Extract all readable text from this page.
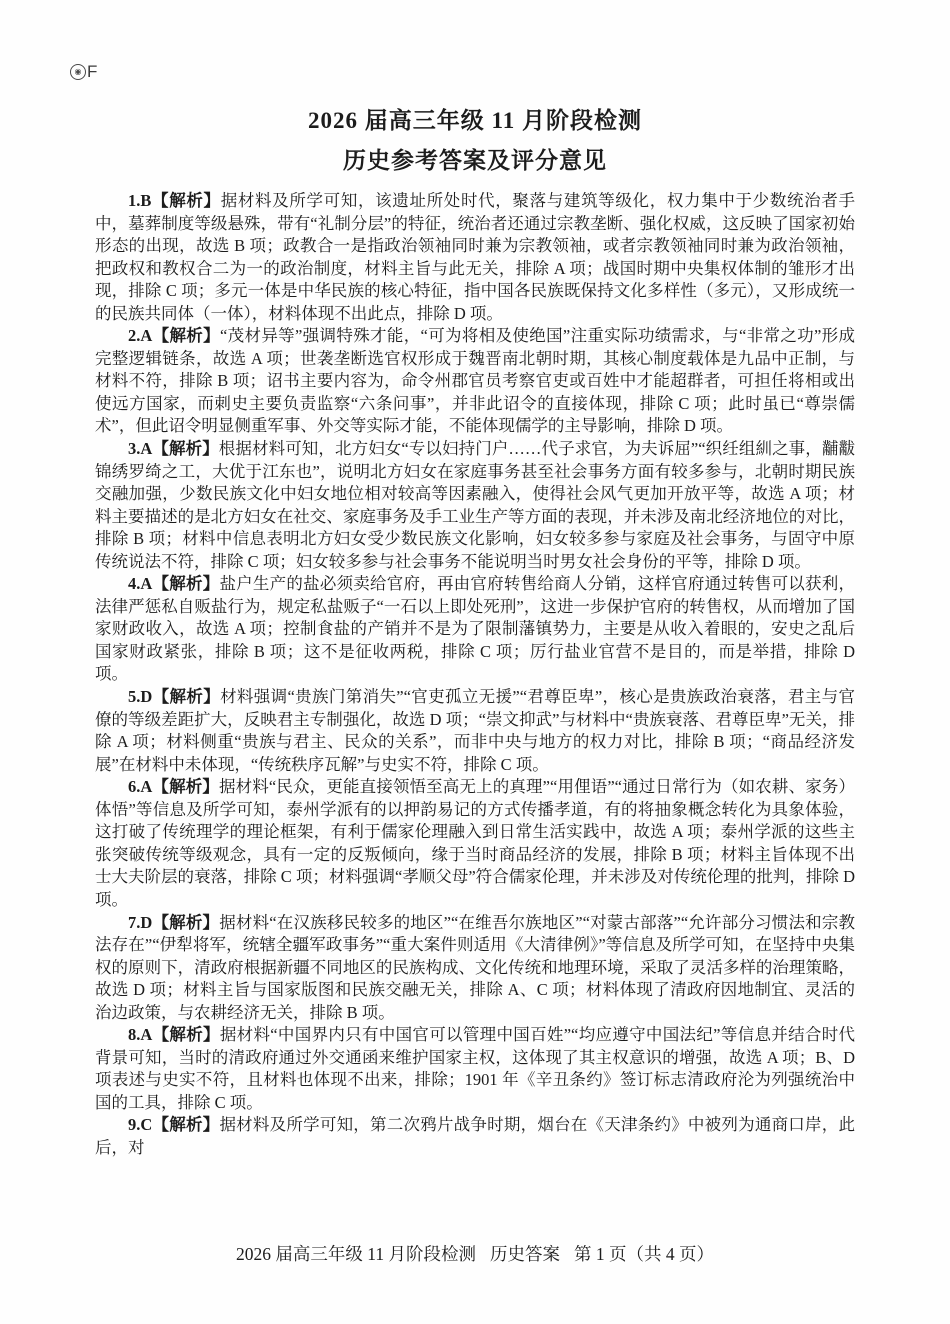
◉ F
2026 届高三年级 11 月阶段检测
历史参考答案及评分意见

1.B【解析】据材料及所学可知，该遗址所处时代，聚落与建筑等级化，权力集中于少数统治者手中，墓葬制度等级悬殊，带有“礼制分层”的特征，统治者还通过宗教垄断、强化权威，这反映了国家初始形态的出现，故选 B 项；政教合一是指政治领袖同时兼为宗教领袖，或者宗教领袖同时兼为政治领袖，把政权和教权合二为一的政治制度，材料主旨与此无关，排除 A 项；战国时期中央集权体制的雏形才出现，排除 C 项；多元一体是中华民族的核心特征，指中国各民族既保持文化多样性（多元），又形成统一的民族共同体（一体），材料体现不出此点，排除 D 项。

2.A【解析】“茂材异等”强调特殊才能，“可为将相及使绝国”注重实际功绩需求，与“非常之功”形成完整逻辑链条，故选 A 项；世袭垄断选官权形成于魏晋南北朝时期，其核心制度载体是九品中正制，与材料不符，排除 B 项；诏书主要内容为，命令州郡官员考察官吏或百姓中才能超群者，可担任将相或出使远方国家，而刺史主要负责监察“六条问事”，并非此诏令的直接体现，排除 C 项；此时虽已“尊崇儒术”，但此诏令明显侧重军事、外交等实际才能，不能体现儒学的主导影响，排除 D 项。

3.A【解析】根据材料可知，北方妇女“专以妇持门户……代子求官，为夫诉屈”“织纴组紃之事，黼黻锦绣罗绮之工，大优于江东也”，说明北方妇女在家庭事务甚至社会事务方面有较多参与，北朝时期民族交融加强，少数民族文化中妇女地位相对较高等因素融入，使得社会风气更加开放平等，故选 A 项；材料主要描述的是北方妇女在社交、家庭事务及手工业生产等方面的表现，并未涉及南北经济地位的对比，排除 B 项；材料中信息表明北方妇女受少数民族文化影响，妇女较多参与家庭及社会事务，与固守中原传统说法不符，排除 C 项；妇女较多参与社会事务不能说明当时男女社会身份的平等，排除 D 项。

4.A【解析】盐户生产的盐必须卖给官府，再由官府转售给商人分销，这样官府通过转售可以获利，法律严惩私自贩盐行为，规定私盐贩子“一石以上即处死刑”，这进一步保护官府的转售权，从而增加了国家财政收入，故选 A 项；控制食盐的产销并不是为了限制藩镇势力，主要是从收入着眼的，安史之乱后国家财政紧张，排除 B 项；这不是征收两税，排除 C 项；厉行盐业官营不是目的，而是举措，排除 D 项。

5.D【解析】材料强调“贵族门第消失”“官吏孤立无援”“君尊臣卑”，核心是贵族政治衰落，君主与官僚的等级差距扩大，反映君主专制强化，故选 D 项；“崇文抑武”与材料中“贵族衰落、君尊臣卑”无关，排除 A 项；材料侧重“贵族与君主、民众的关系”，而非中央与地方的权力对比，排除 B 项；“商品经济发展”在材料中未体现，“传统秩序瓦解”与史实不符，排除 C 项。

6.A【解析】据材料“民众，更能直接领悟至高无上的真理”“用俚语”“通过日常行为（如农耕、家务）体悟”等信息及所学可知，泰州学派有的以押韵易记的方式传播孝道，有的将抽象概念转化为具象体验，这打破了传统理学的理论框架，有利于儒家伦理融入到日常生活实践中，故选 A 项；泰州学派的这些主张突破传统等级观念，具有一定的反叛倾向，缘于当时商品经济的发展，排除 B 项；材料主旨体现不出士大夫阶层的衰落，排除 C 项；材料强调“孝顺父母”符合儒家伦理，并未涉及对传统伦理的批判，排除 D 项。

7.D【解析】据材料“在汉族移民较多的地区”“在维吾尔族地区”“对蒙古部落”“允许部分习惯法和宗教法存在”“伊犁将军，统辖全疆军政事务”“重大案件则适用《大清律例》”等信息及所学可知，在坚持中央集权的原则下，清政府根据新疆不同地区的民族构成、文化传统和地理环境，采取了灵活多样的治理策略，故选 D 项；材料主旨与国家版图和民族交融无关，排除 A、C 项；材料体现了清政府因地制宜、灵活的治边政策，与农耕经济无关，排除 B 项。

8.A【解析】据材料“中国界内只有中国官可以管理中国百姓”“均应遵守中国法纪”等信息并结合时代背景可知，当时的清政府通过外交通函来维护国家主权，这体现了其主权意识的增强，故选 A 项；B、D 项表述与史实不符，且材料也体现不出来，排除；1901 年《辛丑条约》签订标志清政府沦为列强统治中国的工具，排除 C 项。

9.C【解析】据材料及所学可知，第二次鸦片战争时期，烟台在《天津条约》中被列为通商口岸，此后，对

2026 届高三年级 11 月阶段检测 历史答案 第 1 页（共 4 页）
